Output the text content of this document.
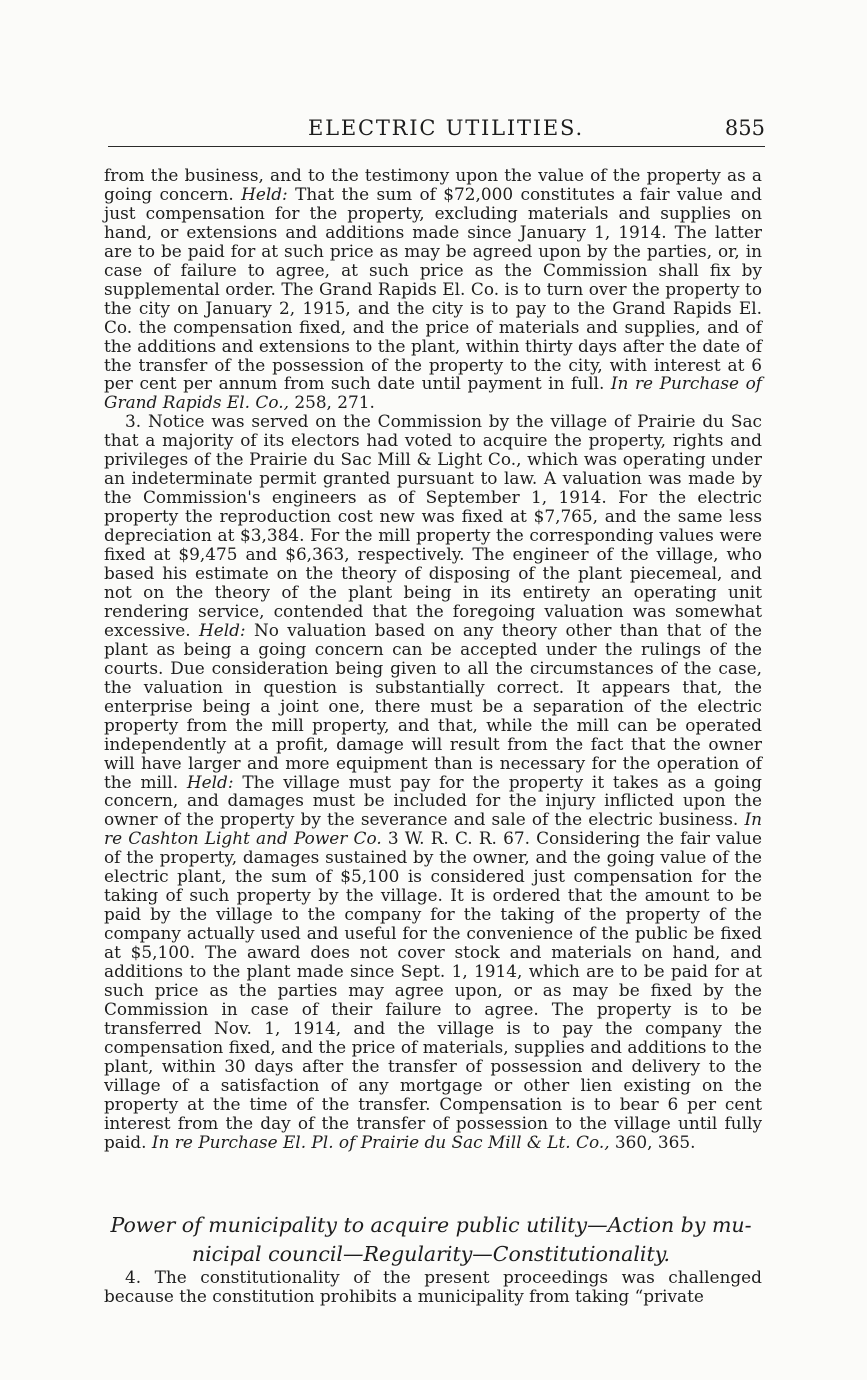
ELECTRIC UTILITIES.	855

from the business, and to the testimony upon the value of the property as a going concern. Held: That the sum of $72,000 constitutes a fair value and just compensation for the property, excluding materials and supplies on hand, or extensions and additions made since January 1, 1914. The latter are to be paid for at such price as may be agreed upon by the parties, or, in case of failure to agree, at such price as the Commission shall fix by supplemental order. The Grand Rapids El. Co. is to turn over the property to the city on January 2, 1915, and the city is to pay to the Grand Rapids El. Co. the compensation fixed, and the price of materials and supplies, and of the additions and extensions to the plant, within thirty days after the date of the transfer of the possession of the property to the city, with interest at 6 per cent per annum from such date until payment in full. In re Purchase of Grand Rapids El. Co., 258, 271.

3. Notice was served on the Commission by the village of Prairie du Sac that a majority of its electors had voted to acquire the property, rights and privileges of the Prairie du Sac Mill & Light Co., which was operating under an indeterminate permit granted pursuant to law. A valuation was made by the Commission's engineers as of September 1, 1914. For the electric property the reproduction cost new was fixed at $7,765, and the same less depreciation at $3,384. For the mill property the corresponding values were fixed at $9,475 and $6,363, respectively. The engineer of the village, who based his estimate on the theory of disposing of the plant piecemeal, and not on the theory of the plant being in its entirety an operating unit rendering service, contended that the foregoing valuation was somewhat excessive. Held: No valuation based on any theory other than that of the plant as being a going concern can be accepted under the rulings of the courts. Due consideration being given to all the circumstances of the case, the valuation in question is substantially correct. It appears that, the enterprise being a joint one, there must be a separation of the electric property from the mill property, and that, while the mill can be operated independently at a profit, damage will result from the fact that the owner will have larger and more equipment than is necessary for the operation of the mill. Held: The village must pay for the property it takes as a going concern, and damages must be included for the injury inflicted upon the owner of the property by the severance and sale of the electric business. In re Cashton Light and Power Co. 3 W. R. C. R. 67. Considering the fair value of the property, damages sustained by the owner, and the going value of the electric plant, the sum of $5,100 is considered just compensation for the taking of such property by the village. It is ordered that the amount to be paid by the village to the company for the taking of the property of the company actually used and useful for the convenience of the public be fixed at $5,100. The award does not cover stock and materials on hand, and additions to the plant made since Sept. 1, 1914, which are to be paid for at such price as the parties may agree upon, or as may be fixed by the Commission in case of their failure to agree. The property is to be transferred Nov. 1, 1914, and the village is to pay the company the compensation fixed, and the price of materials, supplies and additions to the plant, within 30 days after the transfer of possession and delivery to the village of a satisfaction of any mortgage or other lien existing on the property at the time of the transfer. Compensation is to bear 6 per cent interest from the day of the transfer of possession to the village until fully paid. In re Purchase El. Pl. of Prairie du Sac Mill & Lt. Co., 360, 365.

Power of municipality to acquire public utility—Action by mu-
nicipal council—Regularity—Constitutionality.

4. The constitutionality of the present proceedings was challenged because the constitution prohibits a municipality from taking “private
